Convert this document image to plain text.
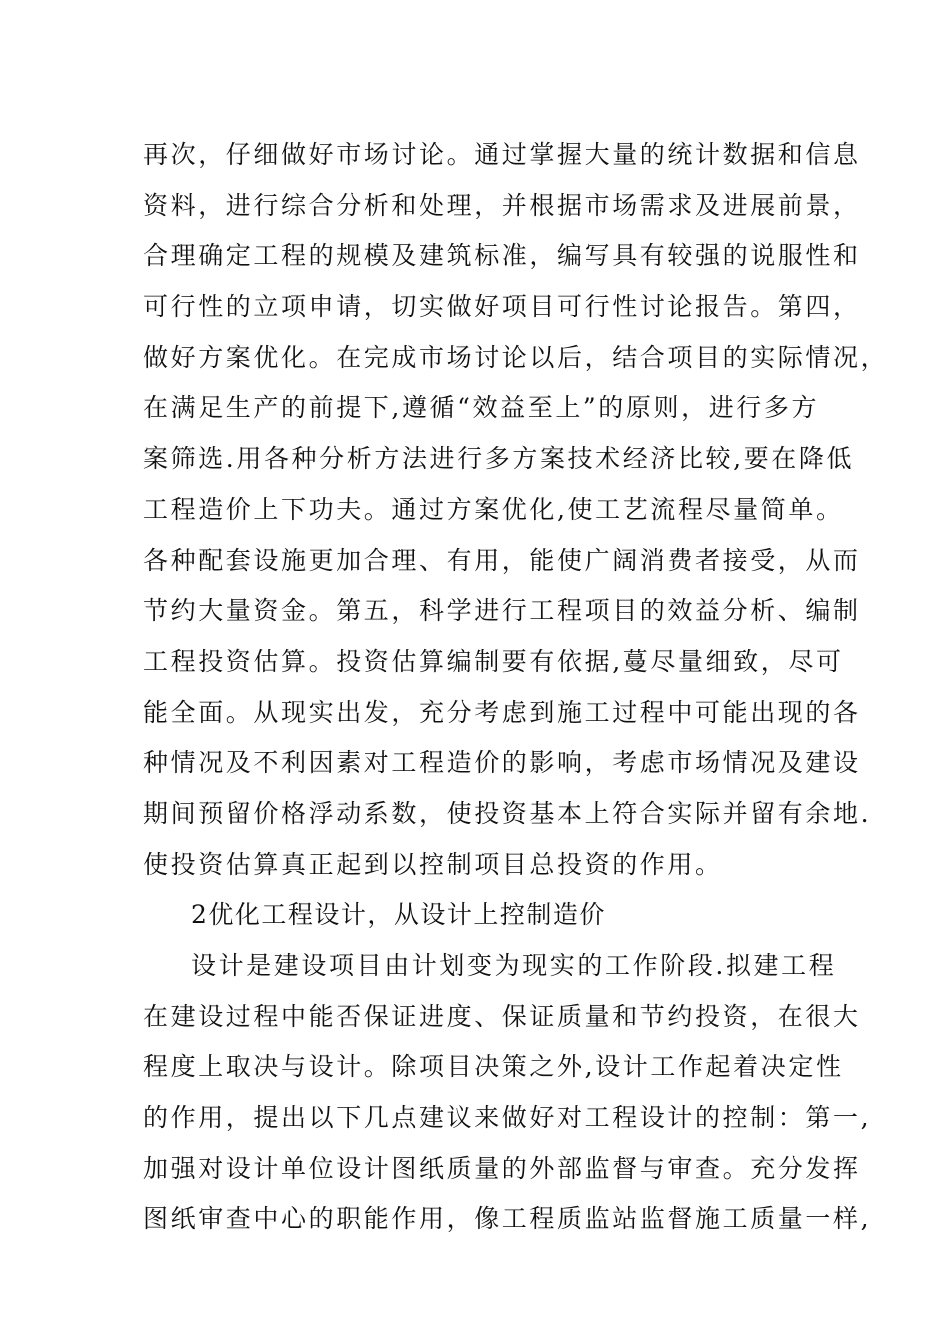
再次，仔细做好市场讨论。通过掌握大量的统计数据和信息
资料，进行综合分析和处理，并根据市场需求及进展前景，
合理确定工程的规模及建筑标准，编写具有较强的说服性和
可行性的立项申请，切实做好项目可行性讨论报告。第四，
做好方案优化。在完成市场讨论以后，结合项目的实际情况，
在满足生产的前提下,遵循“效益至上”的原则，进行多方
案筛选.用各种分析方法进行多方案技术经济比较,要在降低
工程造价上下功夫。通过方案优化,使工艺流程尽量简单。
各种配套设施更加合理、有用，能使广阔消费者接受，从而
节约大量资金。第五，科学进行工程项目的效益分析、编制
工程投资估算。投资估算编制要有依据,蔓尽量细致，尽可
能全面。从现实出发，充分考虑到施工过程中可能出现的各
种情况及不利因素对工程造价的影响，考虑市场情况及建设
期间预留价格浮动系数，使投资基本上符合实际并留有余地.
使投资估算真正起到以控制项目总投资的作用。
2优化工程设计，从设计上控制造价
设计是建设项目由计划变为现实的工作阶段.拟建工程
在建设过程中能否保证进度、保证质量和节约投资，在很大
程度上取决与设计。除项目决策之外,设计工作起着决定性
的作用，提出以下几点建议来做好对工程设计的控制：第一,
加强对设计单位设计图纸质量的外部监督与审查。充分发挥
图纸审查中心的职能作用，像工程质监站监督施工质量一样,
